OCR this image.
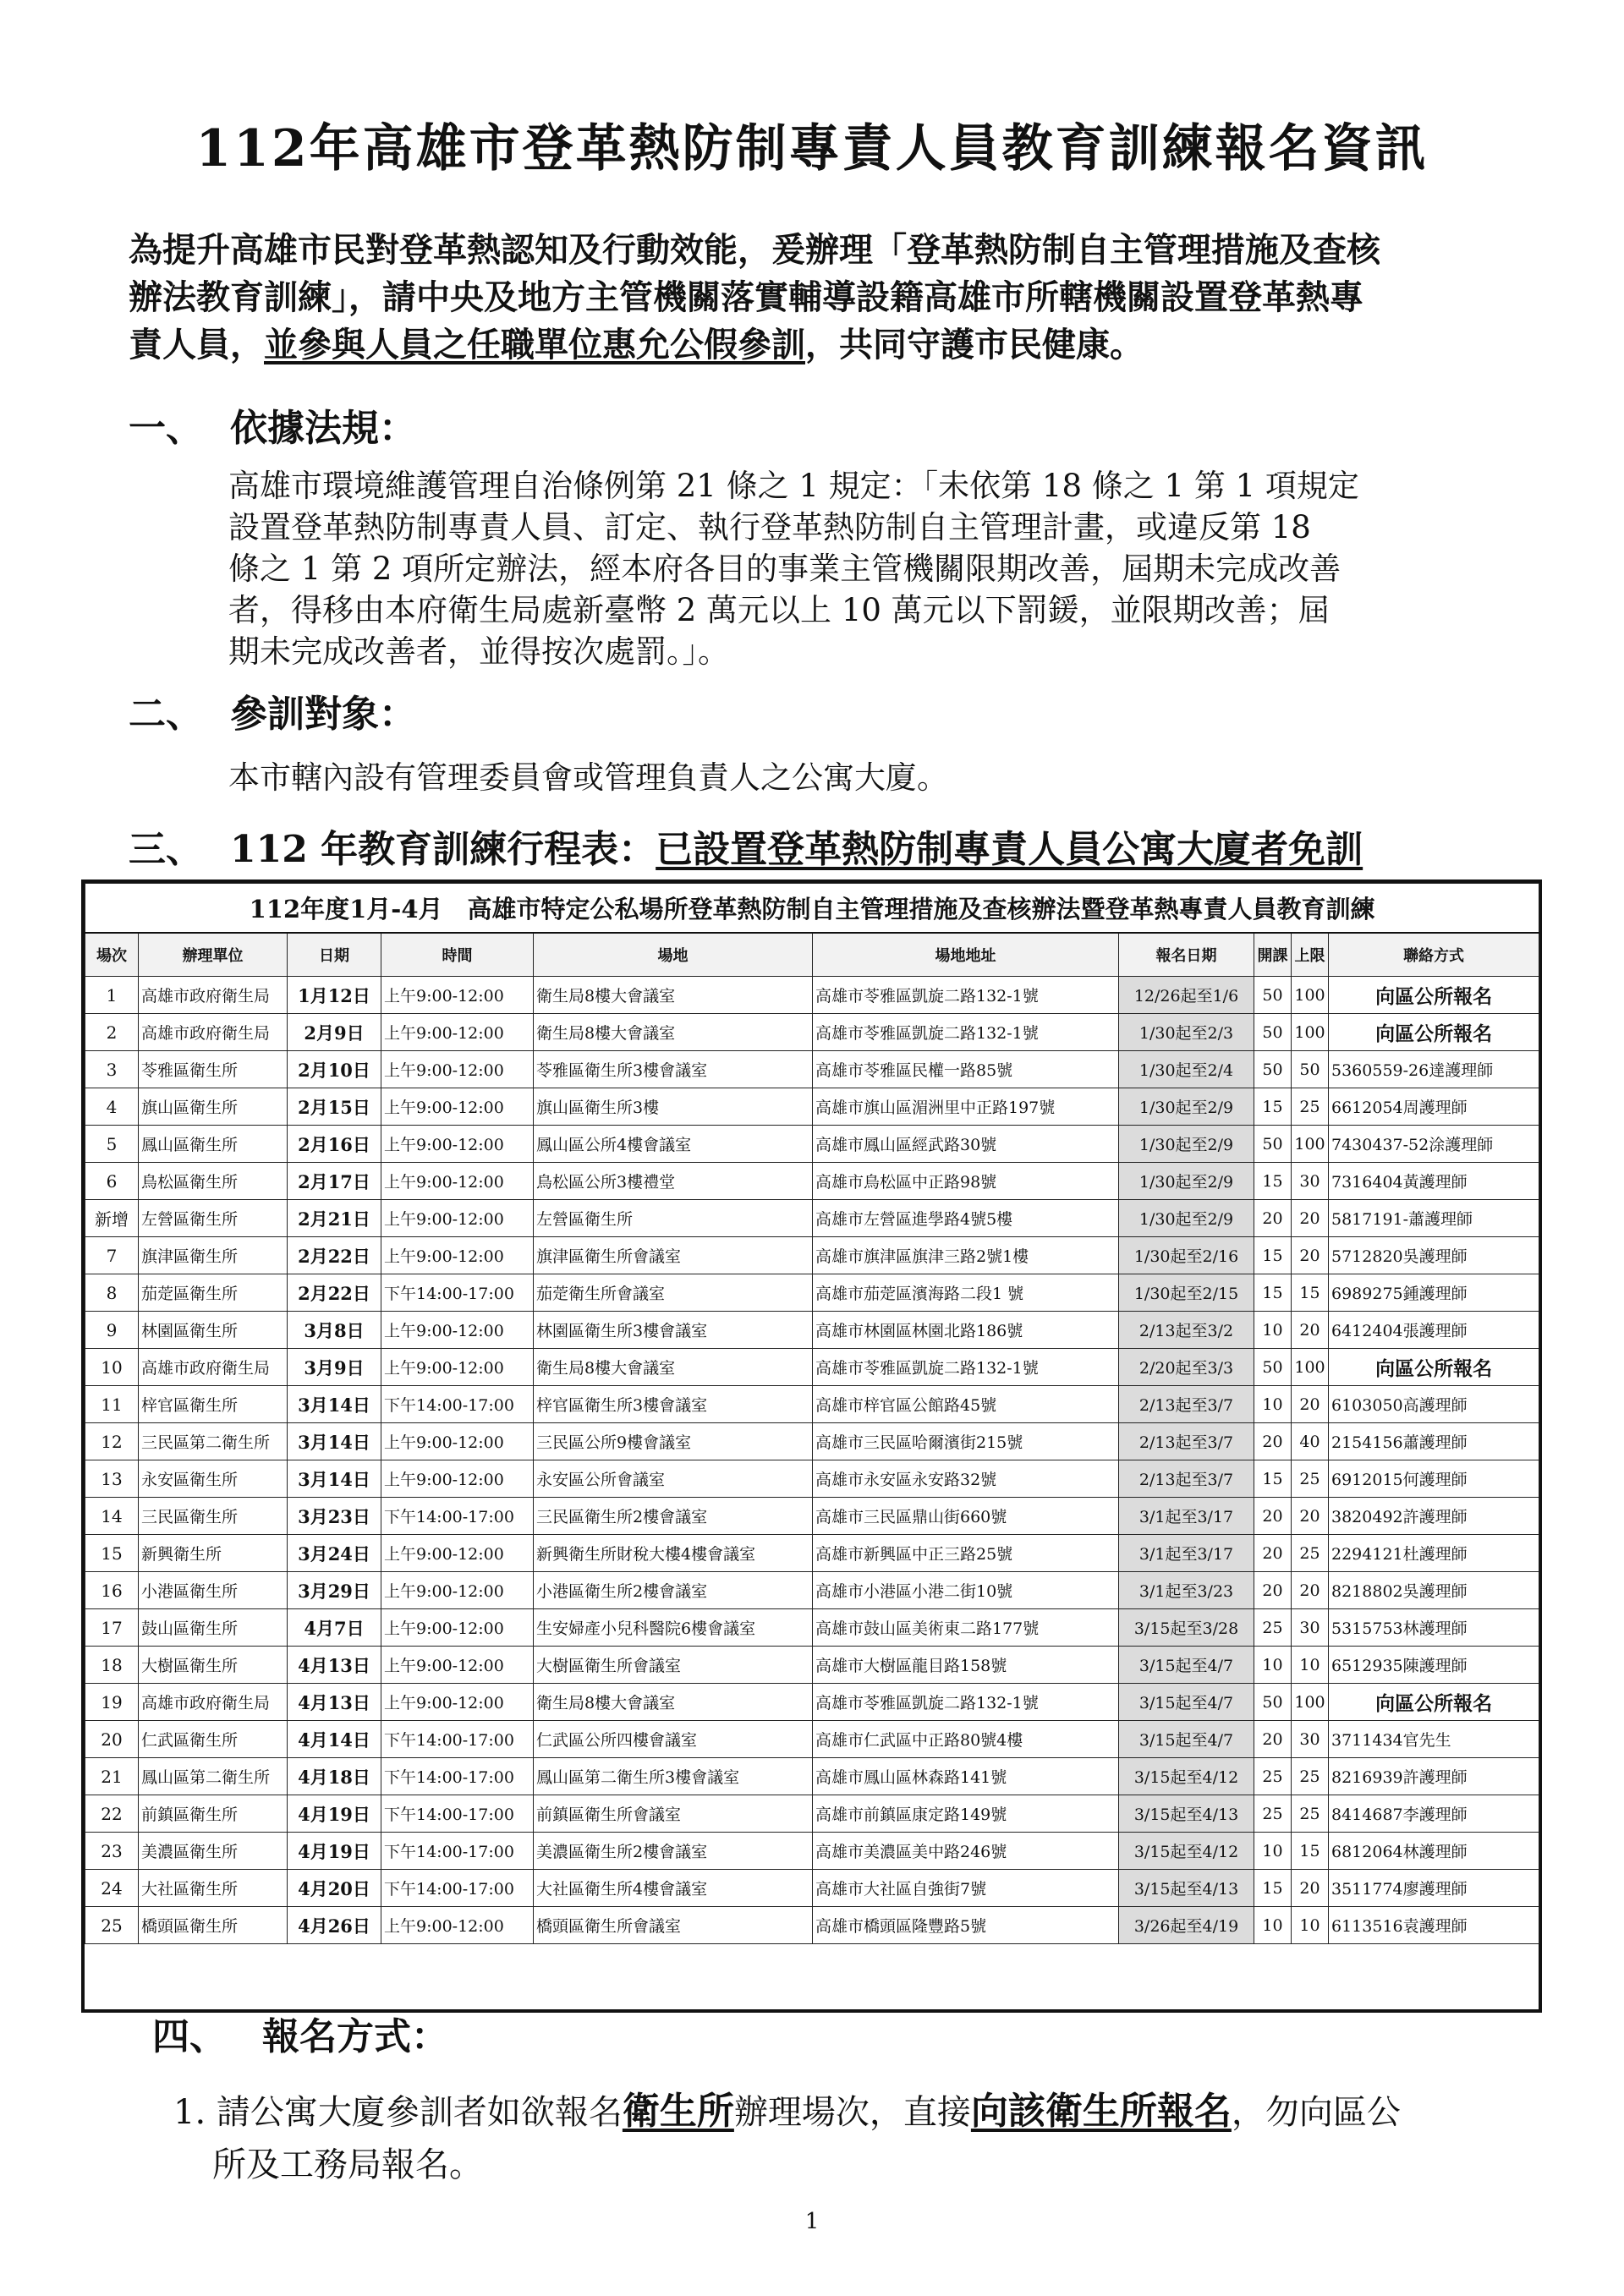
112年高雄市登革熱防制專責人員教育訓練報名資訊

為提升高雄市民對登革熱認知及行動效能，爰辦理「登革熱防制自主管理措施及查核

辦法教育訓練」，請中央及地方主管機關落實輔導設籍高雄市所轄機關設置登革熱專

責人員，並參與人員之任職單位惠允公假參訓，共同守護市民健康。

一、 依據法規：

高雄市環境維護管理自治條例第 21 條之 1 規定：「未依第 18 條之 1 第 1 項規定

設置登革熱防制專責人員、訂定、執行登革熱防制自主管理計畫，或違反第 18

條之 1 第 2 項所定辦法，經本府各目的事業主管機關限期改善，屆期未完成改善

者，得移由本府衛生局處新臺幣 2 萬元以上 10 萬元以下罰鍰，並限期改善；屆

期未完成改善者，並得按次處罰。」。

二、 參訓對象：

本市轄內設有管理委員會或管理負責人之公寓大廈。

三、 112 年教育訓練行程表：已設置登革熱防制專責人員公寓大廈者免訓
112年度1月-4月　高雄市特定公私場所登革熱防制自主管理措施及查核辦法暨登革熱專責人員教育訓練									
場次	辦理單位	日期	時間	場地	場地地址	報名日期	開課	上限	聯絡方式
1	高雄市政府衛生局	1月12日	上午9:00-12:00	衛生局8樓大會議室	高雄市苓雅區凱旋二路132-1號	12/26起至1/6	50	100	向區公所報名
2	高雄市政府衛生局	2月9日	上午9:00-12:00	衛生局8樓大會議室	高雄市苓雅區凱旋二路132-1號	1/30起至2/3	50	100	向區公所報名
3	苓雅區衛生所	2月10日	上午9:00-12:00	苓雅區衛生所3樓會議室	高雄市苓雅區民權一路85號	1/30起至2/4	50	50	5360559-26達護理師
4	旗山區衛生所	2月15日	上午9:00-12:00	旗山區衛生所3樓	高雄市旗山區湄洲里中正路197號	1/30起至2/9	15	25	6612054周護理師
5	鳳山區衛生所	2月16日	上午9:00-12:00	鳳山區公所4樓會議室	高雄市鳳山區經武路30號	1/30起至2/9	50	100	7430437-52涂護理師
6	鳥松區衛生所	2月17日	上午9:00-12:00	鳥松區公所3樓禮堂	高雄市鳥松區中正路98號	1/30起至2/9	15	30	7316404黃護理師
新增	左營區衛生所	2月21日	上午9:00-12:00	左營區衛生所	高雄市左營區進學路4號5樓	1/30起至2/9	20	20	5817191-蕭護理師
7	旗津區衛生所	2月22日	上午9:00-12:00	旗津區衛生所會議室	高雄市旗津區旗津三路2號1樓	1/30起至2/16	15	20	5712820吳護理師
8	茄萣區衛生所	2月22日	下午14:00-17:00	茄萣衛生所會議室	高雄市茄萣區濱海路二段1 號	1/30起至2/15	15	15	6989275鍾護理師
9	林園區衛生所	3月8日	上午9:00-12:00	林園區衛生所3樓會議室	高雄市林園區林園北路186號	2/13起至3/2	10	20	6412404張護理師
10	高雄市政府衛生局	3月9日	上午9:00-12:00	衛生局8樓大會議室	高雄市苓雅區凱旋二路132-1號	2/20起至3/3	50	100	向區公所報名
11	梓官區衛生所	3月14日	下午14:00-17:00	梓官區衛生所3樓會議室	高雄市梓官區公館路45號	2/13起至3/7	10	20	6103050高護理師
12	三民區第二衛生所	3月14日	上午9:00-12:00	三民區公所9樓會議室	高雄市三民區哈爾濱街215號	2/13起至3/7	20	40	2154156蕭護理師
13	永安區衛生所	3月14日	上午9:00-12:00	永安區公所會議室	高雄市永安區永安路32號	2/13起至3/7	15	25	6912015何護理師
14	三民區衛生所	3月23日	下午14:00-17:00	三民區衛生所2樓會議室	高雄市三民區鼎山街660號	3/1起至3/17	20	20	3820492許護理師
15	新興衛生所	3月24日	上午9:00-12:00	新興衛生所財稅大樓4樓會議室	高雄市新興區中正三路25號	3/1起至3/17	20	25	2294121杜護理師
16	小港區衛生所	3月29日	上午9:00-12:00	小港區衛生所2樓會議室	高雄市小港區小港二街10號	3/1起至3/23	20	20	8218802吳護理師
17	鼓山區衛生所	4月7日	上午9:00-12:00	生安婦產小兒科醫院6樓會議室	高雄市鼓山區美術東二路177號	3/15起至3/28	25	30	5315753林護理師
18	大樹區衛生所	4月13日	上午9:00-12:00	大樹區衛生所會議室	高雄市大樹區龍目路158號	3/15起至4/7	10	10	6512935陳護理師
19	高雄市政府衛生局	4月13日	上午9:00-12:00	衛生局8樓大會議室	高雄市苓雅區凱旋二路132-1號	3/15起至4/7	50	100	向區公所報名
20	仁武區衛生所	4月14日	下午14:00-17:00	仁武區公所四樓會議室	高雄市仁武區中正路80號4樓	3/15起至4/7	20	30	3711434官先生
21	鳳山區第二衛生所	4月18日	下午14:00-17:00	鳳山區第二衛生所3樓會議室	高雄市鳳山區林森路141號	3/15起至4/12	25	25	8216939許護理師
22	前鎮區衛生所	4月19日	下午14:00-17:00	前鎮區衛生所會議室	高雄市前鎮區康定路149號	3/15起至4/13	25	25	8414687李護理師
23	美濃區衛生所	4月19日	下午14:00-17:00	美濃區衛生所2樓會議室	高雄市美濃區美中路246號	3/15起至4/12	10	15	6812064林護理師
24	大社區衛生所	4月20日	下午14:00-17:00	大社區衛生所4樓會議室	高雄市大社區自強街7號	3/15起至4/13	15	20	3511774廖護理師
25	橋頭區衛生所	4月26日	上午9:00-12:00	橋頭區衛生所會議室	高雄市橋頭區隆豐路5號	3/26起至4/19	10	10	6113516袁護理師
四、 報名方式：

1. 請公寓大廈參訓者如欲報名衛生所辦理場次，直接向該衛生所報名，勿向區公

所及工務局報名。

1
